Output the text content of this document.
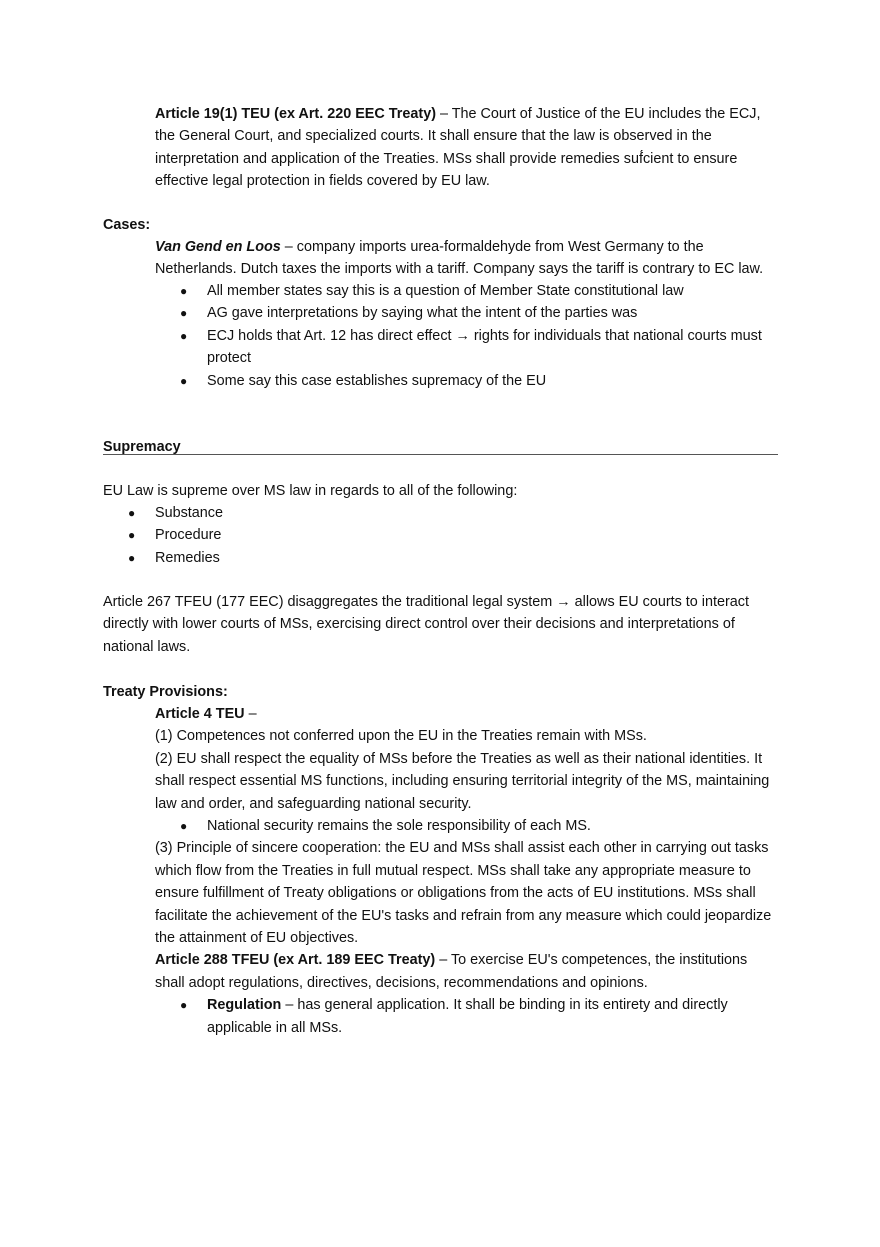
Article 19(1) TEU (ex Art. 220 EEC Treaty) – The Court of Justice of the EU includes the ECJ, the General Court, and specialized courts. It shall ensure that the law is observed in the interpretation and application of the Treaties. MSs shall provide remedies suf́cient to ensure effective legal protection in fields covered by EU law.

Cases:

Van Gend en Loos – company imports urea-formaldehyde from West Germany to the Netherlands. Dutch taxes the imports with a tariff. Company says the tariff is contrary to EC law.

● All member states say this is a question of Member State constitutional law
● AG gave interpretations by saying what the intent of the parties was
● ECJ holds that Art. 12 has direct effect → rights for individuals that national courts must protect
● Some say this case establishes supremacy of the EU

Supremacy

EU Law is supreme over MS law in regards to all of the following:

● Substance
● Procedure
● Remedies

Article 267 TFEU (177 EEC) disaggregates the traditional legal system → allows EU courts to interact directly with lower courts of MSs, exercising direct control over their decisions and interpretations of national laws.

Treaty Provisions:

Article 4 TEU –

(1) Competences not conferred upon the EU in the Treaties remain with MSs.

(2) EU shall respect the equality of MSs before the Treaties as well as their national identities. It shall respect essential MS functions, including ensuring territorial integrity of the MS, maintaining law and order, and safeguarding national security.

● National security remains the sole responsibility of each MS.

(3) Principle of sincere cooperation: the EU and MSs shall assist each other in carrying out tasks which flow from the Treaties in full mutual respect. MSs shall take any appropriate measure to ensure fulfillment of Treaty obligations or obligations from the acts of EU institutions. MSs shall facilitate the achievement of the EU's tasks and refrain from any measure which could jeopardize the attainment of EU objectives.

Article 288 TFEU (ex Art. 189 EEC Treaty) – To exercise EU's competences, the institutions shall adopt regulations, directives, decisions, recommendations and opinions.

● Regulation – has general application. It shall be binding in its entirety and directly applicable in all MSs.
